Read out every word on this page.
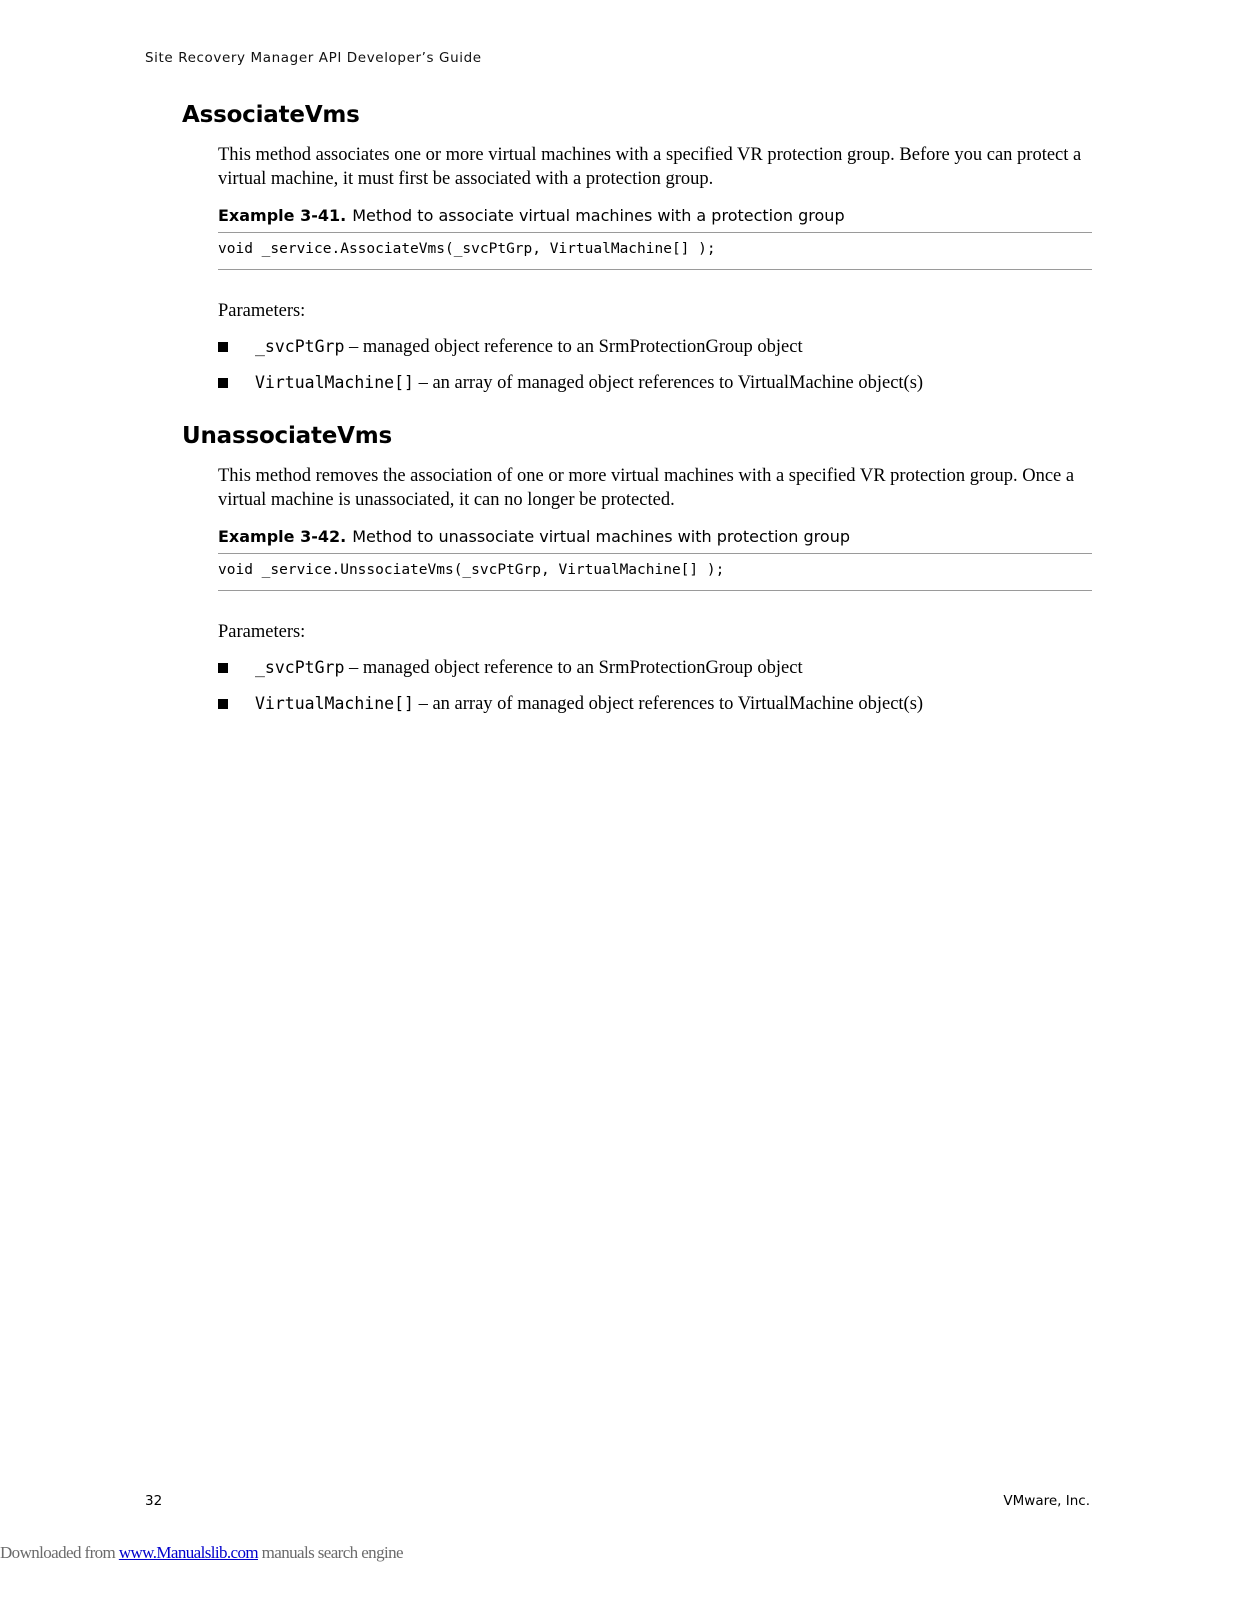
Site Recovery Manager API Developer’s Guide
AssociateVms

This method associates one or more virtual machines with a specified VR protection group. Before you can protect a virtual machine, it must first be associated with a protection group.

Example 3-41. Method to associate virtual machines with a protection group
void _service.AssociateVms(_svcPtGrp, VirtualMachine[] );
Parameters:
_svcPtGrp – managed object reference to an SrmProtectionGroup object
VirtualMachine[] – an array of managed object references to VirtualMachine object(s)
UnassociateVms

This method removes the association of one or more virtual machines with a specified VR protection group. Once a virtual machine is unassociated, it can no longer be protected.

Example 3-42. Method to unassociate virtual machines with protection group
void _service.UnssociateVms(_svcPtGrp, VirtualMachine[] );
Parameters:
_svcPtGrp – managed object reference to an SrmProtectionGroup object
VirtualMachine[] – an array of managed object references to VirtualMachine object(s)
32	VMware, Inc.
Downloaded from www.Manualslib.com manuals search engine
